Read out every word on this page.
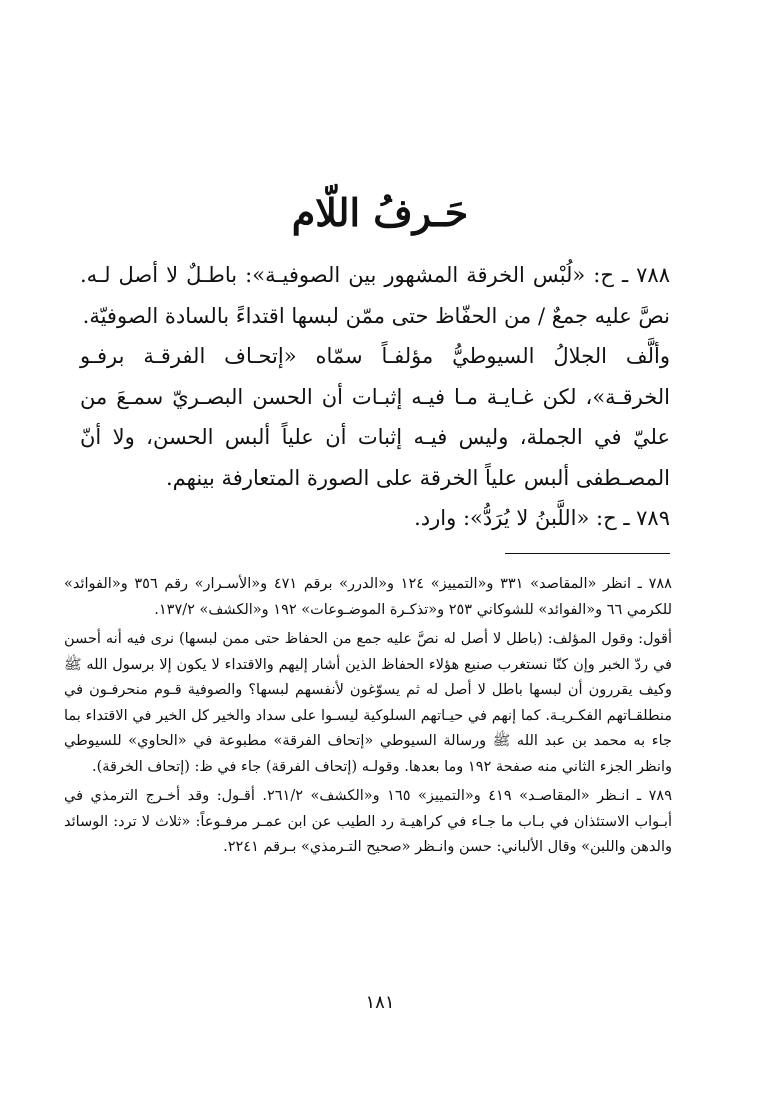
حَـرفُ اللّام

٧٨٨ ـ ح: «لُبْس الخرقة المشهور بين الصوفيـة»: باطـلٌ لا أصل لـه. نصَّ عليه جمعٌ / من الحفّاظ حتى ممّن لبسها اقتداءً بالسادة الصوفيّة.

وألَّف الجلالُ السيوطيُّ مؤلفـاً سمّاه «إتحـاف الفرقـة برفـو الخرقـة»، لكن غـايـة مـا فيـه إثبـات أن الحسن البصـريّ سمـعَ من عليّ في الجملة، وليس فيـه إثبات أن علياً ألبس الحسن، ولا أنّ المصـطفى ألبس علياً الخرقة على الصورة المتعارفة بينهم.

٧٨٩ ـ ح: «اللَّبنُ لا يُرَدُّ»: وارد.

٧٨٨ ـ انظر «المقاصد» ٣٣١ و«التمييز» ١٢٤ و«الدرر» برقم ٤٧١ و«الأسـرار» رقم ٣٥٦ و«الفوائد» للكرمي ٦٦ و«الفوائد» للشوكاني ٢٥٣ و«تذكـرة الموضـوعات» ١٩٢ و«الكشف» ١٣٧/٢.

أقول: وقول المؤلف: (باطل لا أصل له نصَّ عليه جمع من الحفاظ حتى ممن لبسها) نرى فيه أنه أحسن في ردّ الخبر وإن كنّا نستغرب صنيع هؤلاء الحفاظ الذين أشار إليهم والاقتداء لا يكون إلا برسول الله ﷺ وكيف يقررون أن لبسها باطل لا أصل له ثم يسوّغون لأنفسهم لبسها؟ والصوفية قـوم منحرفـون في منطلقـاتهم الفكـريـة. كما إنهم في حيـاتهم السلوكية ليسـوا على سداد والخير كل الخير في الاقتداء بما جاء به محمد بن عبد الله ﷺ ورسالة السيوطي «إتحاف الفرقة» مطبوعة في «الحاوي» للسيوطي وانظر الجزء الثاني منه صفحة ١٩٢ وما بعدها. وقولـه (إتحاف الفرقة) جاء في ظ: (إتحاف الخرقة).

٧٨٩ ـ انـظر «المقاصـد» ٤١٩ و«التمييز» ١٦٥ و«الكشف» ٢٦١/٢. أقـول: وقد أخـرج الترمذي في أبـواب الاستئذان في بـاب ما جـاء في كراهيـة رد الطيب عن ابن عمـر مرفـوعاً: «ثلاث لا ترد: الوسائد والدهن واللبن» وقال الألباني: حسن وانـظر «صحيح التـرمذي» بـرقم ٢٢٤١.

١٨١
